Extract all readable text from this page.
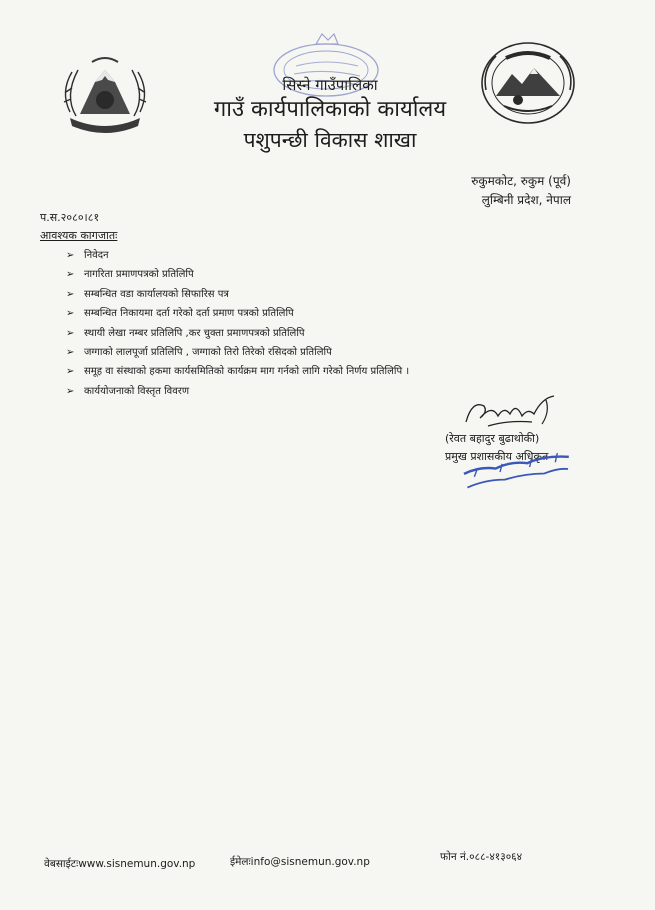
सिस्ने गाउँपालिका
गाउँ कार्यपालिकाको कार्यालय
पशुपन्छी विकास शाखा
रुकुमकोट, रुकुम (पूर्व)
लुम्बिनी प्रदेश, नेपाल
प.स.२०८०।८१
आवश्यक कागजातः
➢ निवेदन
➢ नागरिता प्रमाणपत्रको प्रतिलिपि
➢ सम्बन्धित वडा कार्यालयको सिफारिस पत्र
➢ सम्बन्धित निकायमा दर्ता गरेको दर्ता प्रमाण पत्रको प्रतिलिपि
➢ स्थायी लेखा नम्बर प्रतिलिपि ,कर चुक्ता प्रमाणपत्रको प्रतिलिपि
➢ जग्गाको लालपूर्जा प्रतिलिपि , जग्गाको तिरो तिरेको रसिदको प्रतिलिपि
➢ समूह वा संस्थाको हकमा कार्यसमितिको कार्यक्रम माग गर्नको लागि गरेको निर्णय प्रतिलिपि ।
➢ कार्ययोजनाको विस्तृत विवरण
(रेवत बहादुर बुढाथोकी)
प्रमुख प्रशासकीय अधिकृत
वेबसाईटःwww.sisnemun.gov.np	ईमेलःinfo@sisnemun.gov.np	फोन नं.०८८-४१३०६४
